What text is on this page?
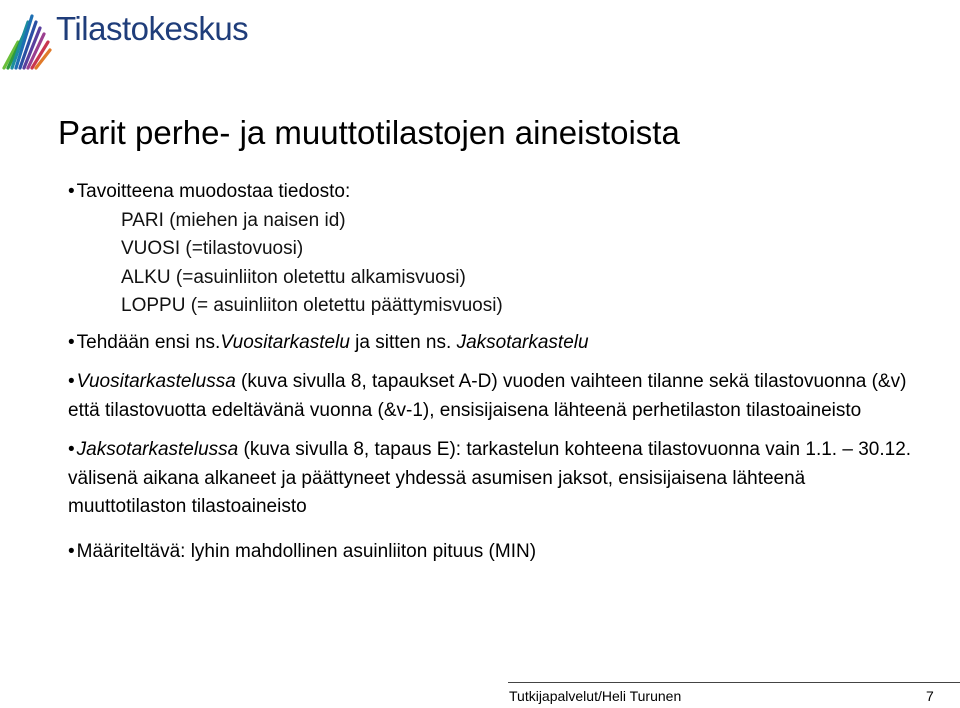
Tilastokeskus
Parit perhe- ja muuttotilastojen aineistoista

• Tavoitteena muodostaa tiedosto:

PARI (miehen ja naisen id)

VUOSI (=tilastovuosi)

ALKU (=asuinliiton oletettu alkamisvuosi)

LOPPU (= asuinliiton oletettu päättymisvuosi)

• Tehdään ensi ns.Vuositarkastelu ja sitten ns. Jaksotarkastelu

• Vuositarkastelussa (kuva sivulla 8, tapaukset A-D) vuoden vaihteen tilanne sekä tilastovuonna (&v) että tilastovuotta edeltävänä vuonna (&v-1), ensisijaisena lähteenä perhetilaston tilastoaineisto

• Jaksotarkastelussa (kuva sivulla 8, tapaus E): tarkastelun kohteena tilastovuonna vain 1.1. – 30.12. välisenä aikana alkaneet ja päättyneet yhdessä asumisen jaksot, ensisijaisena lähteenä muuttotilaston tilastoaineisto

• Määriteltävä: lyhin mahdollinen asuinliiton pituus (MIN)

Tutkijapalvelut/Heli Turunen	7
